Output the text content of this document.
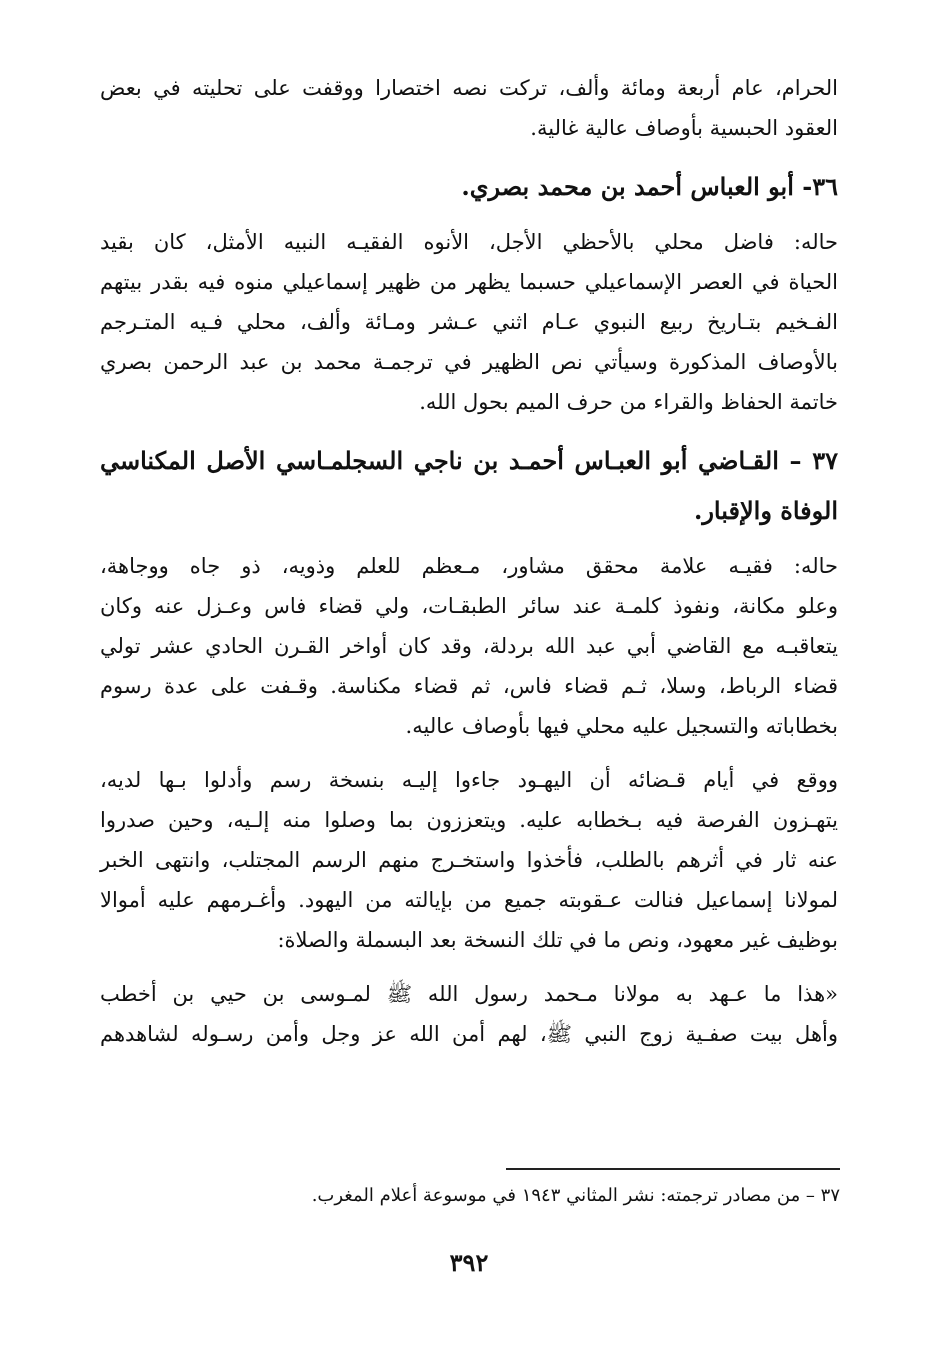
الحرام، عام أربعة ومائة وألف، تركت نصه اختصارا ووقفت على تحليته في بعض
العقود الحبسية بأوصاف عالية غالية.

٣٦- أبو العباس أحمد بن محمد بصري.

حاله: فاضل محلي بالأحظي الأجل، الأنوه الفقيـه النبيه الأمثل، كان بقيد
الحياة في العصر الإسماعيلي حسبما يظهر من ظهير إسماعيلي منوه فيه بقدر بيتهم
الفـخيم بتـاريخ ربيع النبوي عـام اثني عـشر ومـائة وألف، محلي فـيه المتـرجم
بالأوصاف المذكورة وسيأتي نص الظهير في ترجمـة محمد بن عبد الرحمن بصري
خاتمة الحفاظ والقراء من حرف الميم بحول الله.

٣٧ – القـاضي أبو العبـاس أحمـد بن ناجي السجلمـاسي الأصل المكناسي
الوفاة والإقبار.

حاله: فقيـه علامة محقق مشاور، مـعظم للعلم وذويه، ذو جاه ووجاهة،
وعلو مكانة، ونفوذ كلمـة عند سائر الطبقـات، ولي قضاء فاس وعـزل عنه وكان
يتعاقبـه مع القاضي أبي عبد الله بردلة، وقد كان أواخر القـرن الحادي عشر تولي
قضاء الرباط، وسلا، ثـم قضاء فاس، ثم قضاء مكناسة. وقـفت على عدة رسوم
بخطاباته والتسجيل عليه محلي فيها بأوصاف عاليه.

ووقع في أيام قـضائه أن اليهـود جاءوا إليـه بنسخة رسم وأدلوا بـها لديه،
يتهـزون الفرصة فيه بـخطابه عليه. ويتعززون بما وصلوا منه إلـيه، وحين صدروا
عنه ثار في أثرهم بالطلب، فأخذوا واستخـرج منهم الرسم المجتلب، وانتهى الخبر
لمولانا إسماعيل فنالت عـقوبته جميع من بإيالته من اليهود. وأغـرمهم عليه أموالا
بوظيف غير معهود، ونص ما في تلك النسخة بعد البسملة والصلاة:

«هذا ما عـهد به مولانا مـحمد رسول الله ﷺ لمـوسى بن حيي بن أخطب
وأهل بيت صفـية زوج النبي ﷺ، لهم أمن الله عز وجل وأمن رسـوله لشاهدهم

٣٧ – من مصادر ترجمته: نشر المثاني ١٩٤٣ في موسوعة أعلام المغرب.
٣٩٢
